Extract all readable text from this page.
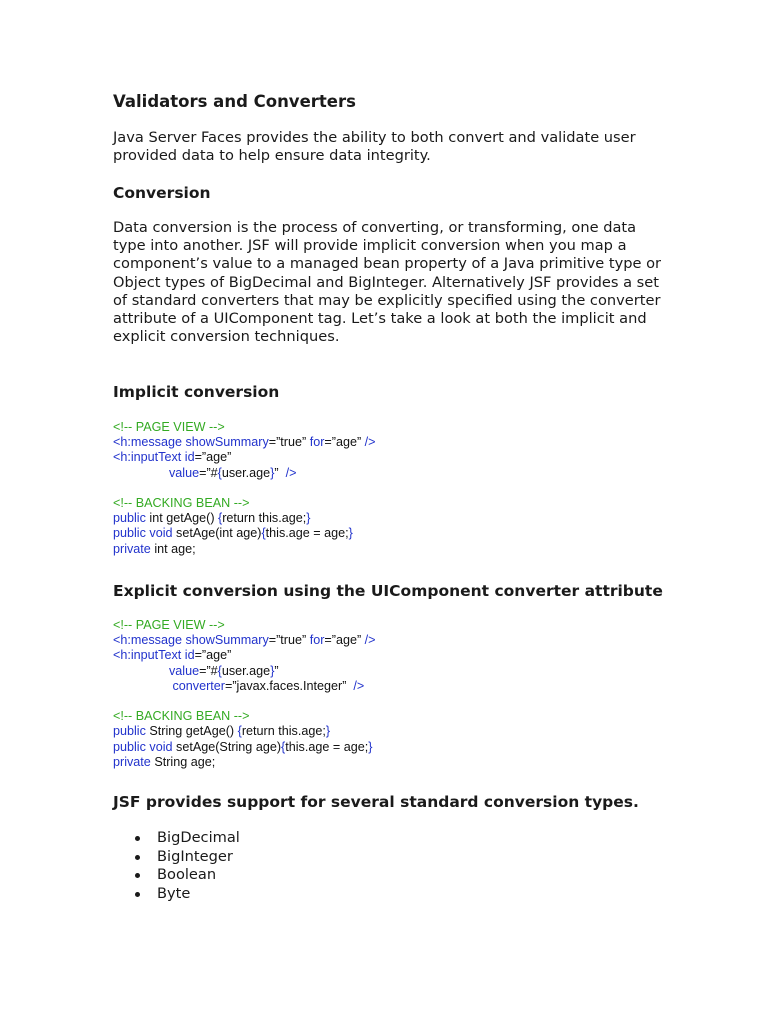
Validators and Converters

Java Server Faces provides the ability to both convert and validate user provided data to help ensure data integrity.

Conversion

Data conversion is the process of converting, or transforming, one data type into another. JSF will provide implicit conversion when you map a component’s value to a managed bean property of a Java primitive type or Object types of BigDecimal and BigInteger. Alternatively JSF provides a set of standard converters that may be explicitly specified using the converter attribute of a UIComponent tag. Let’s take a look at both the implicit and explicit conversion techniques.

Implicit conversion
<!-- PAGE VIEW -->
<h:message showSummary=”true” for=”age” />
<h:inputText id=”age”
value=”#{user.age}”  />
<!-- BACKING BEAN -->
public int getAge() {return this.age;}
public void setAge(int age){this.age = age;}
private int age;
Explicit conversion using the UIComponent converter attribute
<!-- PAGE VIEW -->
<h:message showSummary=”true” for=”age” />
<h:inputText id=”age”
value=”#{user.age}”
converter=”javax.faces.Integer”  />
<!-- BACKING BEAN -->
public String getAge() {return this.age;}
public void setAge(String age){this.age = age;}
private String age;
JSF provides support for several standard conversion types.
BigDecimal
BigInteger
Boolean
Byte
